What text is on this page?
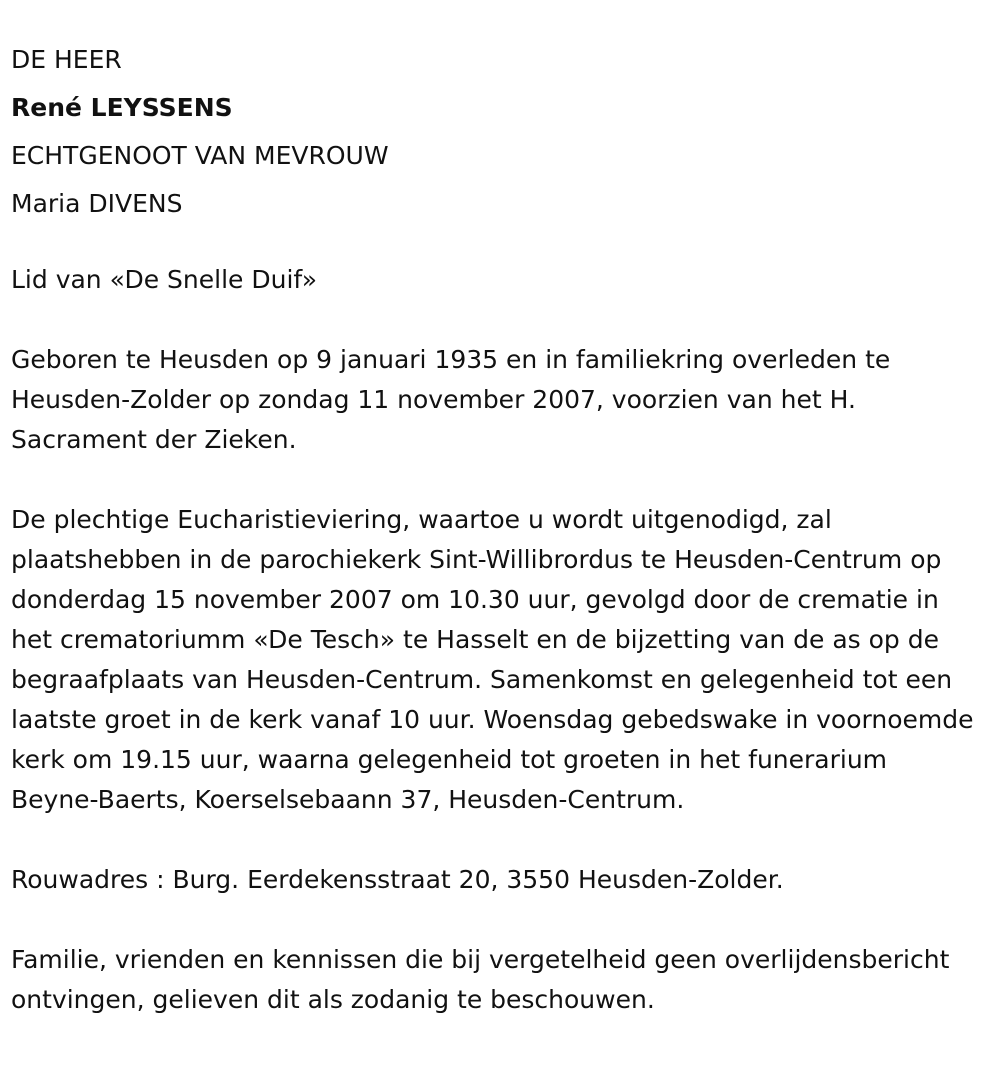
DE HEER

René LEYSSENS

ECHTGENOOT VAN MEVROUW

Maria DIVENS

Lid van «De Snelle Duif»

Geboren te Heusden op 9 januari 1935 en in familiekring overleden te Heusden-Zolder op zondag 11 november 2007, voorzien van het H. Sacrament der Zieken.

De plechtige Eucharistieviering, waartoe u wordt uitgenodigd, zal plaatshebben in de parochiekerk Sint-Willibrordus te Heusden-Centrum op donderdag 15 november 2007 om 10.30 uur, gevolgd door de crematie in het crematoriumm «De Tesch» te Hasselt en de bijzetting van de as op de begraafplaats van Heusden-Centrum. Samenkomst en gelegenheid tot een laatste groet in de kerk vanaf 10 uur. Woensdag gebedswake in voornoemde kerk om 19.15 uur, waarna gelegenheid tot groeten in het funerarium Beyne-Baerts, Koerselsebaann 37, Heusden-Centrum.

Rouwadres : Burg. Eerdekensstraat 20, 3550 Heusden-Zolder.

Familie, vrienden en kennissen die bij vergetelheid geen overlijdensbericht ontvingen, gelieven dit als zodanig te beschouwen.
